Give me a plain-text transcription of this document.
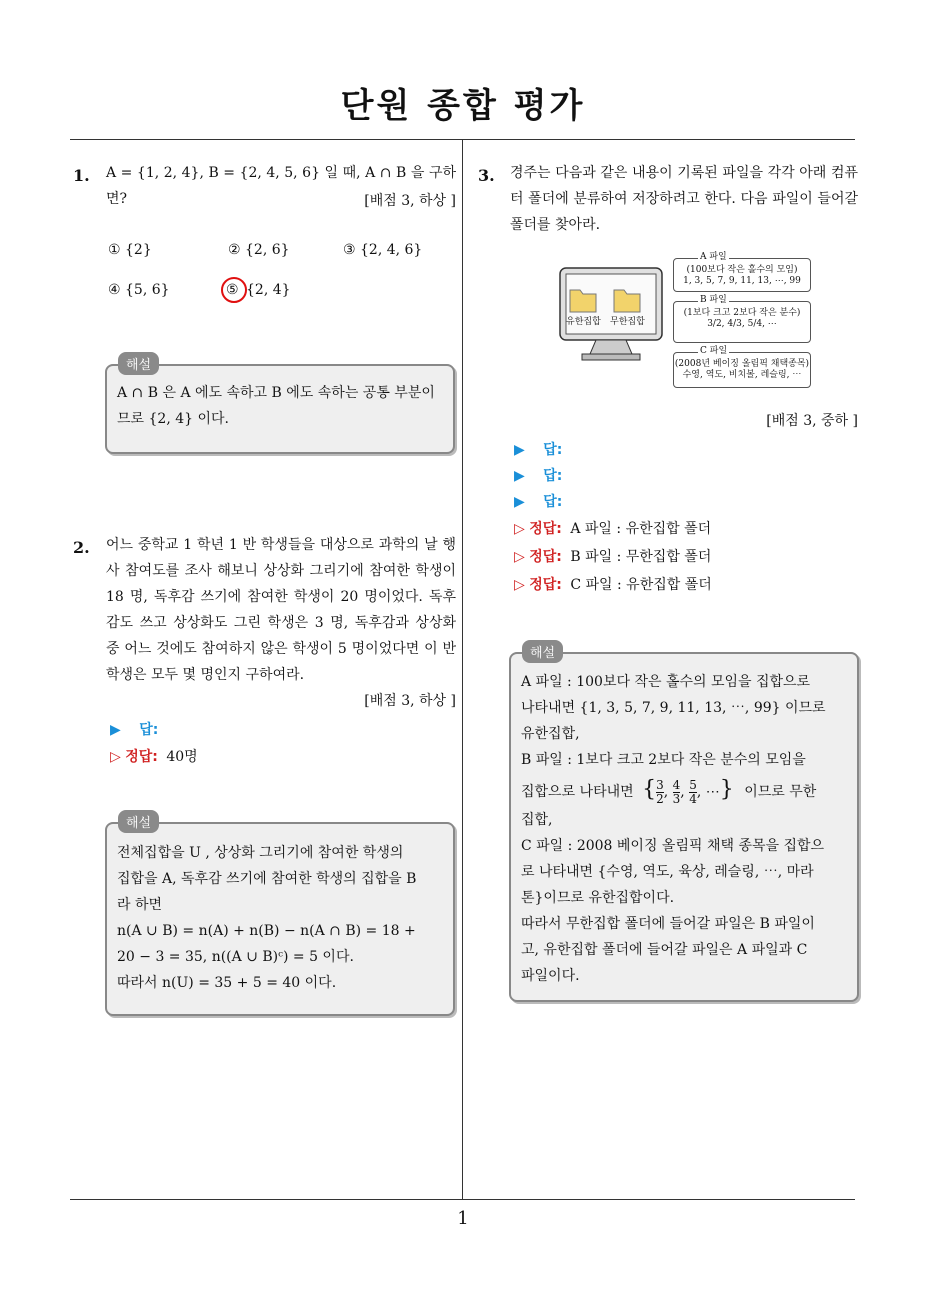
단원 종합 평가
1
1. A = {1, 2, 4}, B = {2, 4, 5, 6} 일 때, A ∩ B 을 구하면?	[배점 3, 하상 ]
① {2}	② {2, 6}	③ {2, 4, 6}
④ {5, 6}	⑤ {2, 4}
해설
A ∩ B 은 A 에도 속하고 B 에도 속하는 공통 부분이므로 {2, 4} 이다.
2. 어느 중학교 1 학년 1 반 학생들을 대상으로 과학의 날 행사 참여도를 조사 해보니 상상화 그리기에 참여한 학생이 18 명, 독후감 쓰기에 참여한 학생이 20 명이었다. 독후감도 쓰고 상상화도 그린 학생은 3 명, 독후감과 상상화 중 어느 것에도 참여하지 않은 학생이 5 명이었다면 이 반 학생은 모두 몇 명인지 구하여라.
[배점 3, 하상 ]
▶ 답:
▷ 정답: 40명
해설
전체집합을 U , 상상화 그리기에 참여한 학생의
집합을 A, 독후감 쓰기에 참여한 학생의 집합을 B
라 하면
n(A ∪ B) = n(A) + n(B) − n(A ∩ B) = 18 +
20 − 3 = 35, n((A ∪ B)ᶜ) = 5 이다.
따라서 n(U) = 35 + 5 = 40 이다.
3. 경주는 다음과 같은 내용이 기록된 파일을 각각 아래 컴퓨터 폴더에 분류하여 저장하려고 한다. 다음 파일이 들어갈 폴더를 찾아라.
유한집합 무한집합
A 파일
(100보다 작은 홀수의 모임)
1, 3, 5, 7, 9, 11, 13, ⋯, 99
B 파일
(1보다 크고 2보다 작은 분수)
3/2, 4/3, 5/4, ⋯
C 파일
(2008년 베이징 올림픽 채택종목)
수영, 역도, 비치볼, 레슬링, ⋯
[배점 3, 중하 ]
▶ 답:
▶ 답:
▶ 답:
▷ 정답: A 파일 : 유한집합 폴더
▷ 정답: B 파일 : 무한집합 폴더
▷ 정답: C 파일 : 유한집합 폴더
해설
A 파일 : 100보다 작은 홀수의 모임을 집합으로
나타내면 {1, 3, 5, 7, 9, 11, 13, ⋯, 99} 이므로
유한집합,
B 파일 : 1보다 크고 2보다 작은 분수의 모임을
집합으로 나타내면 { $\frac{3}{2}$ , $\frac{4}{3}$ , $\frac{5}{4}$ , ⋯} 이므로 무한
집합,
C 파일 : 2008 베이징 올림픽 채택 종목을 집합으
로 나타내면 {수영, 역도, 육상, 레슬링, ⋯, 마라
톤}이므로 유한집합이다.
따라서 무한집합 폴더에 들어갈 파일은 B 파일이
고, 유한집합 폴더에 들어갈 파일은 A 파일과 C
파일이다.
